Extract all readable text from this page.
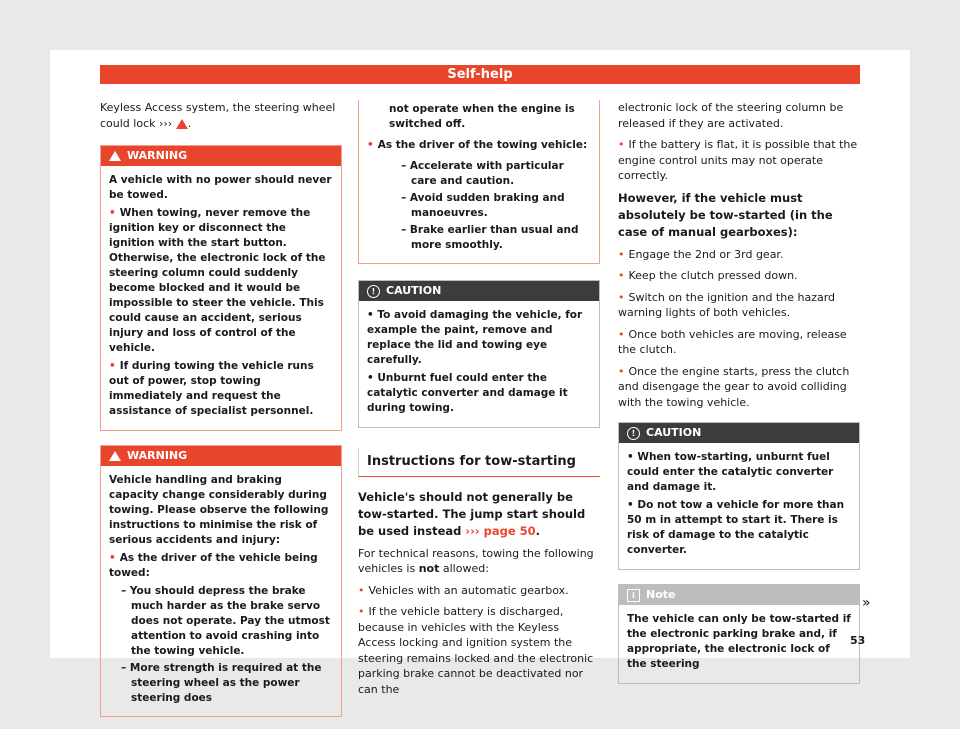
Self-help

Keyless Access system, the steering wheel could lock ››› .

WARNING

A vehicle with no power should never be towed.

• When towing, never remove the ignition key or disconnect the ignition with the start button. Otherwise, the electronic lock of the steering column could suddenly become blocked and it would be impossible to steer the vehicle. This could cause an accident, serious injury and loss of control of the vehicle.

• If during towing the vehicle runs out of power, stop towing immediately and request the assistance of specialist personnel.

WARNING

Vehicle handling and braking capacity change considerably during towing. Please observe the following instructions to minimise the risk of serious accidents and injury:

• As the driver of the vehicle being towed:

– You should depress the brake much harder as the brake servo does not operate. Pay the utmost attention to avoid crashing into the towing vehicle.
– More strength is required at the steering wheel as the power steering does

not operate when the engine is switched off.

• As the driver of the towing vehicle:

– Accelerate with particular care and caution.
– Avoid sudden braking and manoeuvres.
– Brake earlier than usual and more smoothly.
! CAUTION

• To avoid damaging the vehicle, for example the paint, remove and replace the lid and towing eye carefully.

• Unburnt fuel could enter the catalytic converter and damage it during towing.

Instructions for tow-starting
Vehicle's should not generally be tow-started. The jump start should be used instead ››› page 50.

For technical reasons, towing the following vehicles is not allowed:

• Vehicles with an automatic gearbox.

• If the vehicle battery is discharged, because in vehicles with the Keyless Access locking and ignition system the steering remains locked and the electronic parking brake cannot be deactivated nor can the

electronic lock of the steering column be released if they are activated.

• If the battery is flat, it is possible that the engine control units may not operate correctly.

However, if the vehicle must absolutely be tow-started (in the case of manual gearboxes):

• Engage the 2nd or 3rd gear.

• Keep the clutch pressed down.

• Switch on the ignition and the hazard warning lights of both vehicles.

• Once both vehicles are moving, release the clutch.

• Once the engine starts, press the clutch and disengage the gear to avoid colliding with the towing vehicle.

! CAUTION

• When tow-starting, unburnt fuel could enter the catalytic converter and damage it.

• Do not tow a vehicle for more than 50 m in attempt to start it. There is risk of damage to the catalytic converter.

i	Note

The vehicle can only be tow-started if the electronic parking brake and, if appropriate, the electronic lock of the steering

»
53
